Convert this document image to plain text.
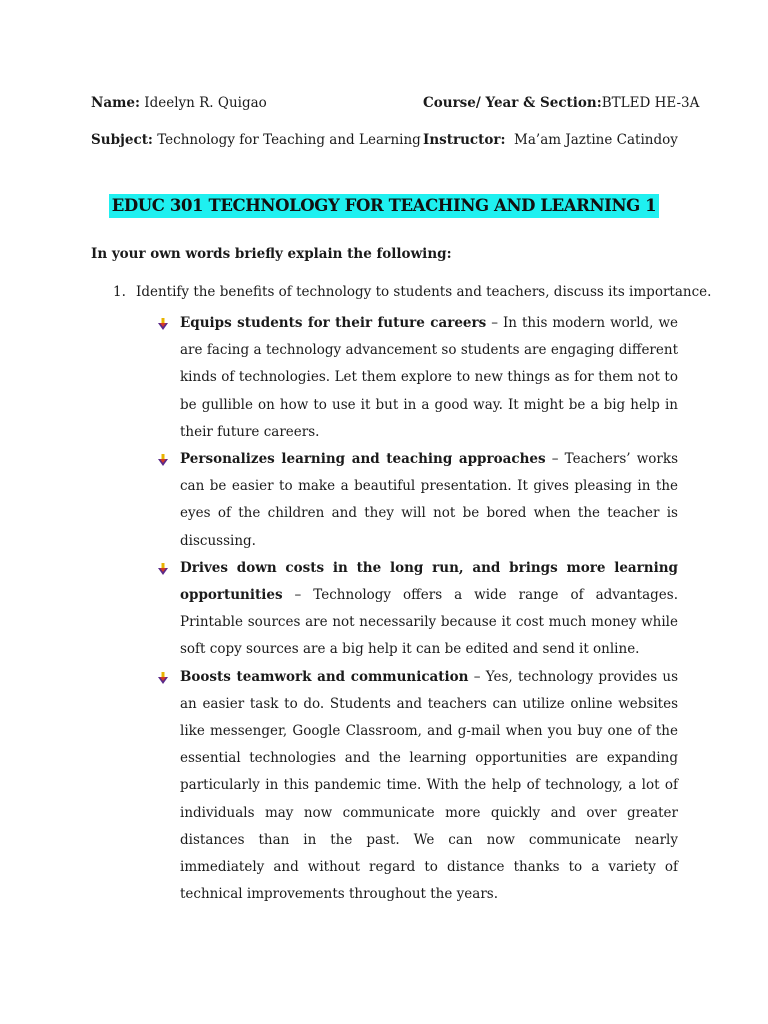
Name: Ideelyn R. Quigao	Course/ Year & Section:BTLED HE-3A
Subject: Technology for Teaching and Learning Instructor: Ma’am Jaztine Catindoy
EDUC 301 TECHNOLOGY FOR TEACHING AND LEARNING 1
In your own words briefly explain the following:
1. Identify the benefits of technology to students and teachers, discuss its importance.
Equips students for their future careers – In this modern world, we are facing a technology advancement so students are engaging different kinds of technologies. Let them explore to new things as for them not to be gullible on how to use it but in a good way. It might be a big help in their future careers.
Personalizes learning and teaching approaches – Teachers’ works can be easier to make a beautiful presentation. It gives pleasing in the eyes of the children and they will not be bored when the teacher is discussing.
Drives down costs in the long run, and brings more learning opportunities – Technology offers a wide range of advantages. Printable sources are not necessarily because it cost much money while soft copy sources are a big help it can be edited and send it online.
Boosts teamwork and communication – Yes, technology provides us an easier task to do. Students and teachers can utilize online websites like messenger, Google Classroom, and g-mail when you buy one of the essential technologies and the learning opportunities are expanding particularly in this pandemic time. With the help of technology, a lot of individuals may now communicate more quickly and over greater distances than in the past. We can now communicate nearly immediately and without regard to distance thanks to a variety of technical improvements throughout the years.
